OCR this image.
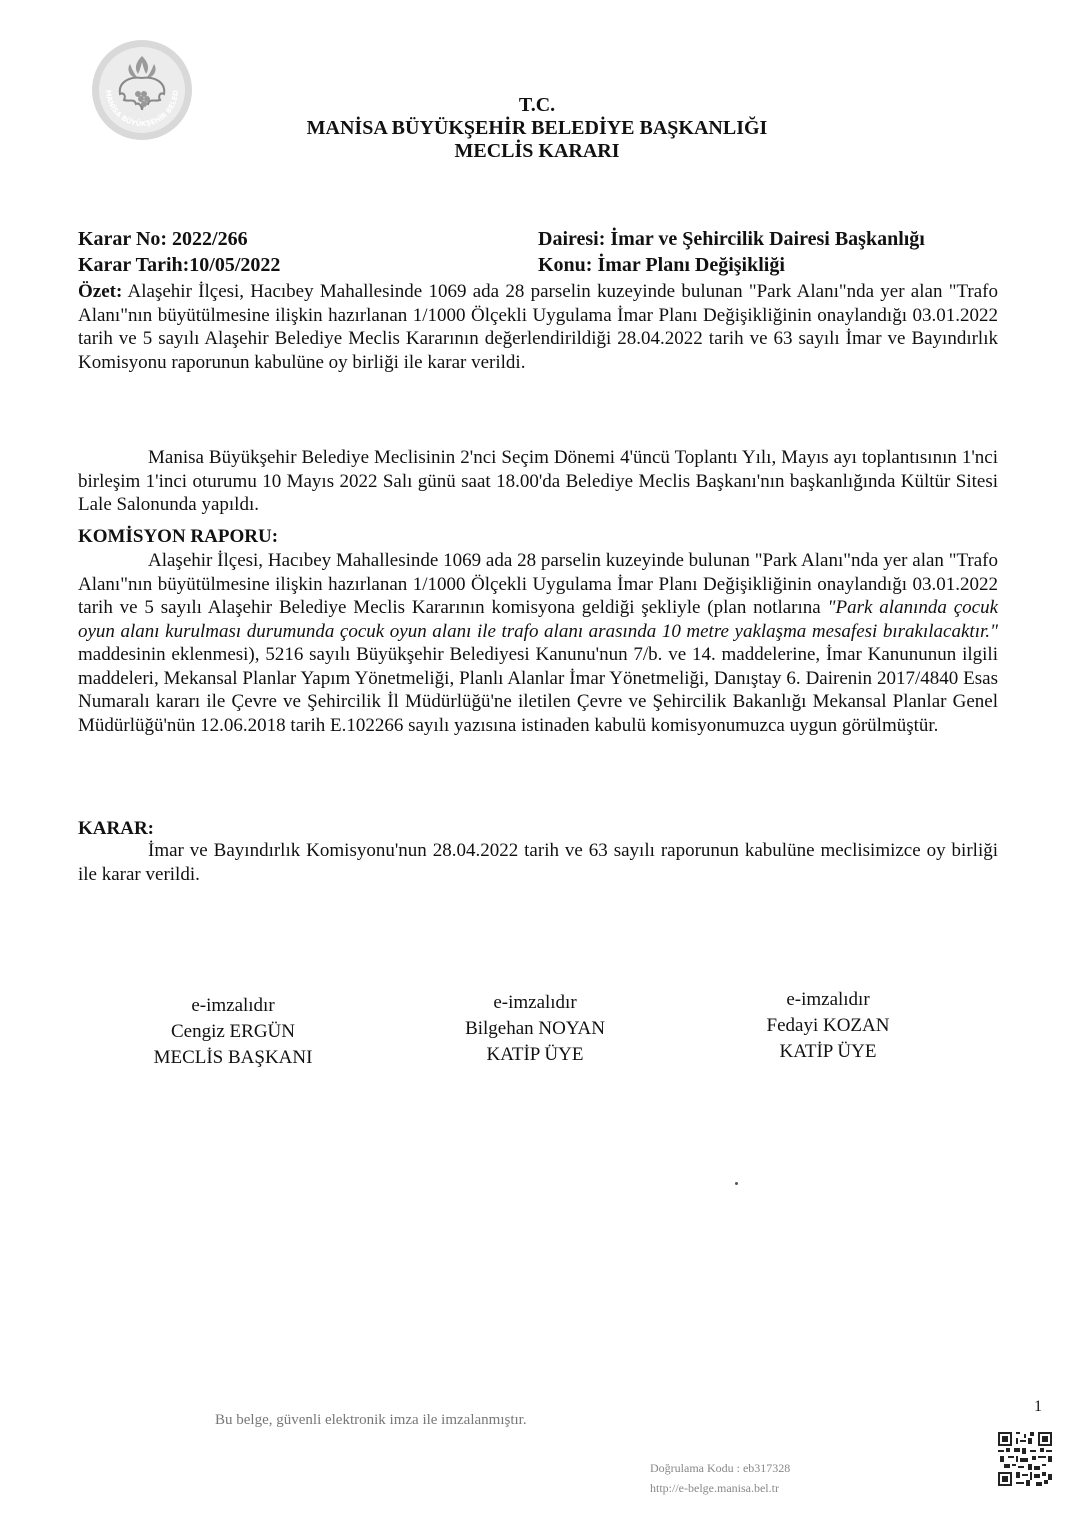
MANİSA BÜYÜKŞEHİR BELED
T.C.
MANİSA BÜYÜKŞEHİR BELEDİYE BAŞKANLIĞI
MECLİS KARARI
Karar No: 2022/266
Karar Tarih:10/05/2022
Dairesi: İmar ve Şehircilik Dairesi Başkanlığı
Konu: İmar Planı Değişikliği
Özet: Alaşehir İlçesi, Hacıbey Mahallesinde 1069 ada 28 parselin kuzeyinde bulunan "Park Alanı"nda yer alan "Trafo Alanı"nın büyütülmesine ilişkin hazırlanan 1/1000 Ölçekli Uygulama İmar Planı Değişikliğinin onaylandığı 03.01.2022 tarih ve 5 sayılı Alaşehir Belediye Meclis Kararının değerlendirildiği 28.04.2022 tarih ve 63 sayılı İmar ve Bayındırlık Komisyonu raporunun kabulüne oy birliği ile karar verildi.
Manisa Büyükşehir Belediye Meclisinin 2'nci Seçim Dönemi 4'üncü Toplantı Yılı, Mayıs ayı toplantısının 1'nci birleşim 1'inci oturumu 10 Mayıs 2022 Salı günü saat 18.00'da Belediye Meclis Başkanı'nın başkanlığında Kültür Sitesi Lale Salonunda yapıldı.
KOMİSYON RAPORU:
Alaşehir İlçesi, Hacıbey Mahallesinde 1069 ada 28 parselin kuzeyinde bulunan "Park Alanı"nda yer alan "Trafo Alanı"nın büyütülmesine ilişkin hazırlanan 1/1000 Ölçekli Uygulama İmar Planı Değişikliğinin onaylandığı 03.01.2022 tarih ve 5 sayılı Alaşehir Belediye Meclis Kararının komisyona geldiği şekliyle (plan notlarına "Park alanında çocuk oyun alanı kurulması durumunda çocuk oyun alanı ile trafo alanı arasında 10 metre yaklaşma mesafesi bırakılacaktır." maddesinin eklenmesi), 5216 sayılı Büyükşehir Belediyesi Kanunu'nun 7/b. ve 14. maddelerine, İmar Kanununun ilgili maddeleri, Mekansal Planlar Yapım Yönetmeliği, Planlı Alanlar İmar Yönetmeliği, Danıştay 6. Dairenin 2017/4840 Esas Numaralı kararı ile Çevre ve Şehircilik İl Müdürlüğü'ne iletilen Çevre ve Şehircilik Bakanlığı Mekansal Planlar Genel Müdürlüğü'nün 12.06.2018 tarih E.102266 sayılı yazısına istinaden kabulü komisyonumuzca uygun görülmüştür.
KARAR:
İmar ve Bayındırlık Komisyonu'nun 28.04.2022 tarih ve 63 sayılı raporunun kabulüne meclisimizce oy birliği ile karar verildi.
e-imzalıdır
Cengiz ERGÜN
MECLİS BAŞKANI
e-imzalıdır
Bilgehan NOYAN
KATİP ÜYE
e-imzalıdır
Fedayi KOZAN
KATİP ÜYE
1
Bu belge, güvenli elektronik imza ile imzalanmıştır.
Doğrulama Kodu : eb317328
http://e-belge.manisa.bel.tr
